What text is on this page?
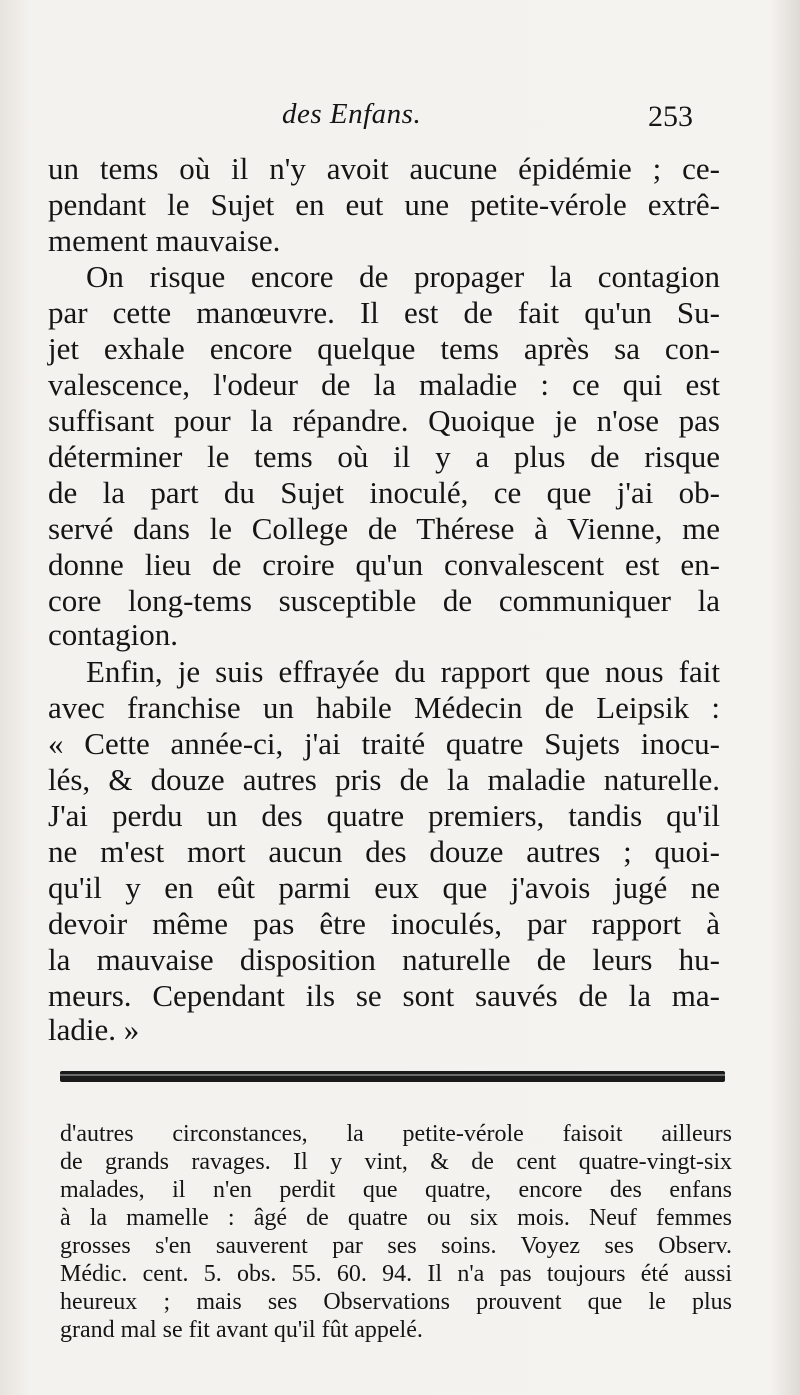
des Enfans.	253
un tems où il n'y avoit aucune épidémie ; ce-
pendant le Sujet en eut une petite-vérole extrê-
mement mauvaise.
On risque encore de propager la contagion
par cette manœuvre. Il est de fait qu'un Su-
jet exhale encore quelque tems après sa con-
valescence, l'odeur de la maladie : ce qui est
suffisant pour la répandre. Quoique je n'ose pas
déterminer le tems où il y a plus de risque
de la part du Sujet inoculé, ce que j'ai ob-
servé dans le College de Thérese à Vienne, me
donne lieu de croire qu'un convalescent est en-
core long-tems susceptible de communiquer la
contagion.
Enfin, je suis effrayée du rapport que nous fait
avec franchise un habile Médecin de Leipsik :
« Cette année-ci, j'ai traité quatre Sujets inocu-
lés, & douze autres pris de la maladie naturelle.
J'ai perdu un des quatre premiers, tandis qu'il
ne m'est mort aucun des douze autres ; quoi-
qu'il y en eût parmi eux que j'avois jugé ne
devoir même pas être inoculés, par rapport à
la mauvaise disposition naturelle de leurs hu-
meurs. Cependant ils se sont sauvés de la ma-
ladie. »
d'autres circonstances, la petite-vérole faisoit ailleurs
de grands ravages. Il y vint, & de cent quatre-vingt-six
malades, il n'en perdit que quatre, encore des enfans
à la mamelle : âgé de quatre ou six mois. Neuf femmes
grosses s'en sauverent par ses soins. Voyez ses Observ.
Médic. cent. 5. obs. 55. 60. 94. Il n'a pas toujours été aussi
heureux ; mais ses Observations prouvent que le plus
grand mal se fit avant qu'il fût appelé.
